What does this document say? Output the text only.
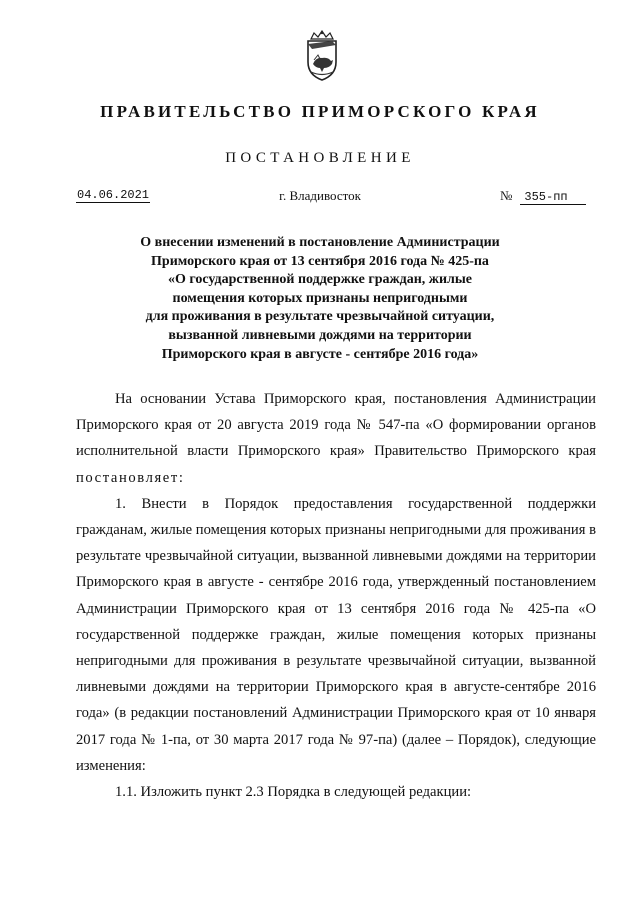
ПРАВИТЕЛЬСТВО ПРИМОРСКОГО КРАЯ
ПОСТАНОВЛЕНИЕ
04.06.2021	г. Владивосток	№ 355-пп
О внесении изменений в постановление Администрации
Приморского края от 13 сентября 2016 года № 425-па
«О государственной поддержке граждан, жилые
помещения которых признаны непригодными
для проживания в результате чрезвычайной ситуации,
вызванной ливневыми дождями на территории
Приморского края в августе - сентябре 2016 года»

На основании Устава Приморского края, постановления Администрации Приморского края от 20 августа 2019 года № 547-па «О формировании органов исполнительной власти Приморского края» Правительство Приморского края постановляет:

1. Внести в Порядок предоставления государственной поддержки гражданам, жилые помещения которых признаны непригодными для проживания в результате чрезвычайной ситуации, вызванной ливневыми дождями на территории Приморского края в августе - сентябре 2016 года, утвержденный постановлением Администрации Приморского края от 13 сентября 2016 года № 425-па «О государственной поддержке граждан, жилые помещения которых признаны непригодными для проживания в результате чрезвычайной ситуации, вызванной ливневыми дождями на территории Приморского края в августе-сентябре 2016 года» (в редакции постановлений Администрации Приморского края от 10 января 2017 года № 1-па, от 30 марта 2017 года № 97-па) (далее – Порядок), следующие изменения:

1.1. Изложить пункт 2.3 Порядка в следующей редакции:
